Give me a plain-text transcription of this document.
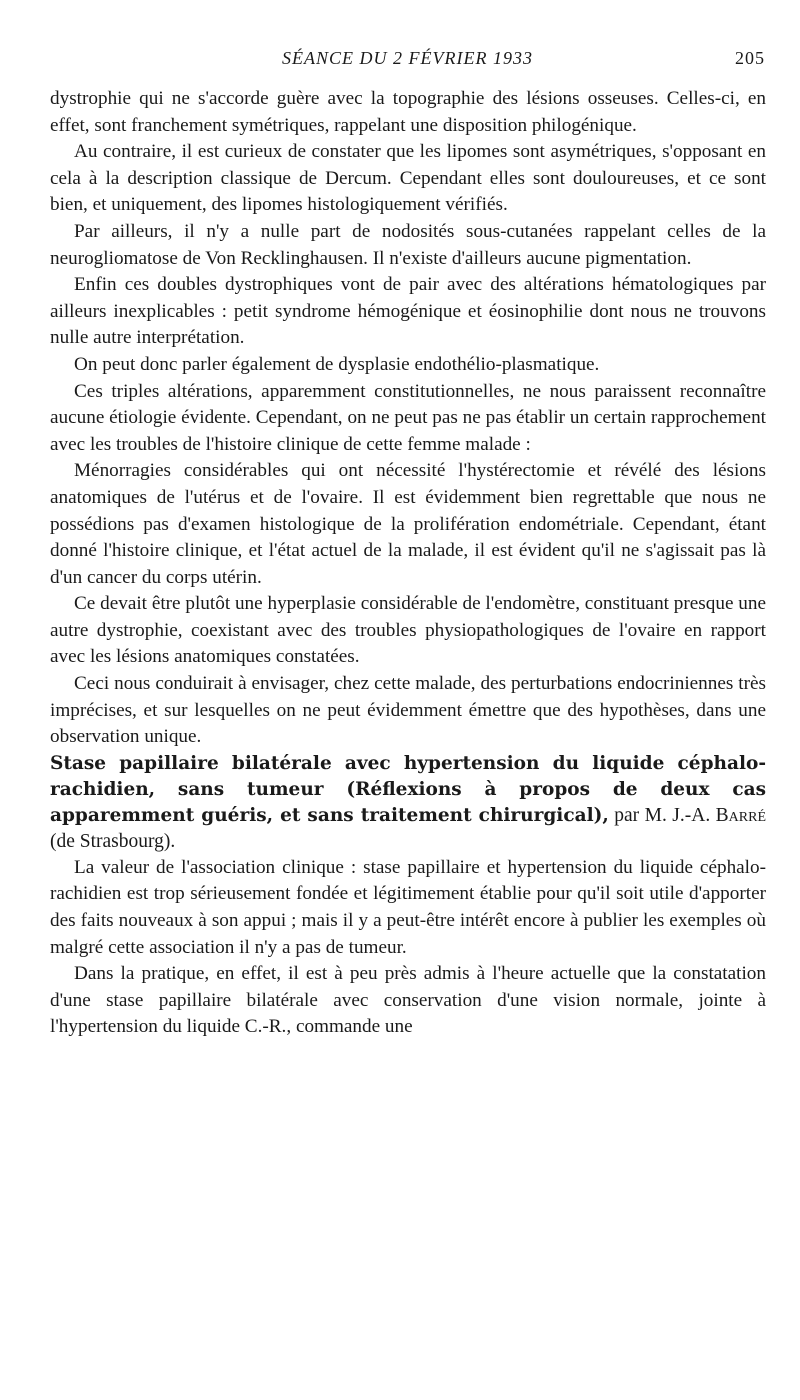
SÉANCE DU 2 FÉVRIER 1933	205

dystrophie qui ne s'accorde guère avec la topographie des lésions osseuses. Celles-ci, en effet, sont franchement symétriques, rappelant une disposition philogénique.

Au contraire, il est curieux de constater que les lipomes sont asymétriques, s'opposant en cela à la description classique de Dercum. Cependant elles sont douloureuses, et ce sont bien, et uniquement, des lipomes histologiquement vérifiés.

Par ailleurs, il n'y a nulle part de nodosités sous-cutanées rappelant celles de la neurogliomatose de Von Recklinghausen. Il n'existe d'ailleurs aucune pigmentation.

Enfin ces doubles dystrophiques vont de pair avec des altérations hématologiques par ailleurs inexplicables : petit syndrome hémogénique et éosinophilie dont nous ne trouvons nulle autre interprétation.

On peut donc parler également de dysplasie endothélio-plasmatique.

Ces triples altérations, apparemment constitutionnelles, ne nous paraissent reconnaître aucune étiologie évidente. Cependant, on ne peut pas ne pas établir un certain rapprochement avec les troubles de l'histoire clinique de cette femme malade :

Ménorragies considérables qui ont nécessité l'hystérectomie et révélé des lésions anatomiques de l'utérus et de l'ovaire. Il est évidemment bien regrettable que nous ne possédions pas d'examen histologique de la prolifération endométriale. Cependant, étant donné l'histoire clinique, et l'état actuel de la malade, il est évident qu'il ne s'agissait pas là d'un cancer du corps utérin.

Ce devait être plutôt une hyperplasie considérable de l'endomètre, constituant presque une autre dystrophie, coexistant avec des troubles physiopathologiques de l'ovaire en rapport avec les lésions anatomiques constatées.

Ceci nous conduirait à envisager, chez cette malade, des perturbations endocriniennes très imprécises, et sur lesquelles on ne peut évidemment émettre que des hypothèses, dans une observation unique.

Stase papillaire bilatérale avec hypertension du liquide céphalo-rachidien, sans tumeur (Réflexions à propos de deux cas apparemment guéris, et sans traitement chirurgical), par M. J.-A. Barré (de Strasbourg).

La valeur de l'association clinique : stase papillaire et hypertension du liquide céphalo-rachidien est trop sérieusement fondée et légitimement établie pour qu'il soit utile d'apporter des faits nouveaux à son appui ; mais il y a peut-être intérêt encore à publier les exemples où malgré cette association il n'y a pas de tumeur.

Dans la pratique, en effet, il est à peu près admis à l'heure actuelle que la constatation d'une stase papillaire bilatérale avec conservation d'une vision normale, jointe à l'hypertension du liquide C.-R., commande une
